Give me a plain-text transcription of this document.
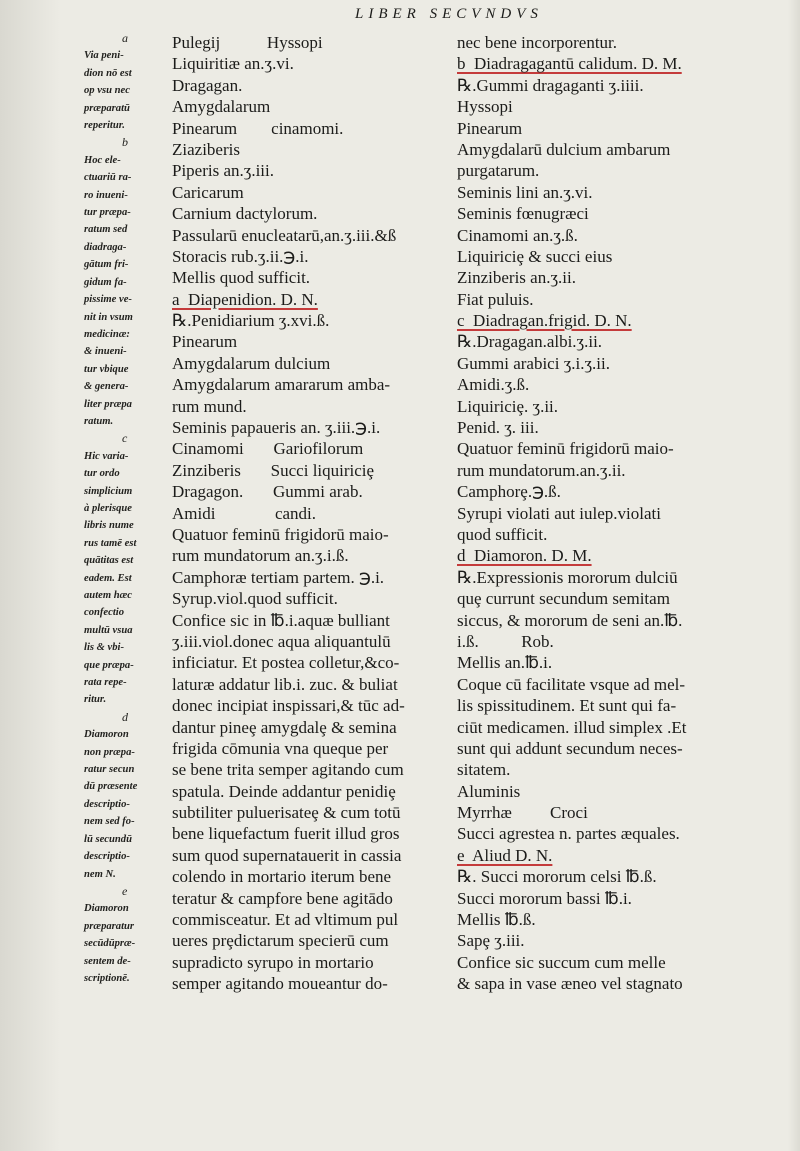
LIBER SECVNDVS
a
Via peni-
dion nō est
op vsu nec
præparatū
reperitur.
b
Hoc ele-
ctuariū ra-
ro inueni-
tur præpa-
ratum sed
diadraga-
gātum fri-
gidum fa-
pissime ve-
nit in vsum
medicinæ:
& inueni-
tur vbique
& genera-
liter præpa
ratum.
c
Hic varia-
tur ordo
simplicium
à plerisque
libris nume
rus tamē est
quātitas est
eadem. Est
autem hæc
confectio
multū vsua
lis & vbi-
que præpa-
rata repe-
ritur.
d
Diamoron
non præpa-
ratur secun
dū præsente
descriptio-
nem sed fo-
lū secundū
descriptio-
nem N.
e
Diamoron
præparatur
secūdūpræ-
sentem de-
scriptionē.
Pulegij           Hyssopi
Liquiritiæ an.ʒ.vi.
Dragagan.
Amygdalarum
Pinearum        cinamomi.
Ziaziberis
Piperis an.ʒ.iii.
Caricarum
Carnium dactylorum.
Passularū enucleatarū,an.ʒ.iii.&ß
Storacis rub.ʒ.ii.℈.i.
Mellis quod sufficit.
a  Diapenidion. D. N.
℞.Penidiarium ʒ.xvi.ß.
Pinearum
Amygdalarum dulcium
Amygdalarum amararum amba-
rum mund.
Seminis papaueris an. ʒ.iii.℈.i.
Cinamomi       Gariofilorum
Zinziberis       Succi liquiriciȩ
Dragagon.       Gummi arab.
Amidi              candi.
Quatuor feminū frigidorū maio-
rum mundatorum an.ʒ.i.ß.
Camphoræ tertiam partem. ℈.i.
Syrup.viol.quod sufficit.
Confice sic in ℔.i.aquæ bulliant
ʒ.iii.viol.donec aqua aliquantulū
inficiatur. Et postea colletur,&co-
laturæ addatur lib.i. zuc. & buliat
donec incipiat inspissari,& tūc ad-
dantur pineȩ amygdalȩ & semina
frigida cōmunia vna queque per
se bene trita semper agitando cum
spatula. Deinde addantur penidiȩ
subtiliter puluerisateȩ & cum totū
bene liquefactum fuerit illud gros
sum quod supernatauerit in cassia
colendo in mortario iterum bene
teratur & campfore bene agitādo
commisceatur. Et ad vltimum pul
ueres prȩdictarum specierū cum
supradicto syrupo in mortario
semper agitando moueantur do-
nec bene incorporentur.
b  Diadragagantū calidum. D. M.
℞.Gummi dragaganti ʒ.iiii.
Hyssopi
Pinearum
Amygdalarū dulcium ambarum
purgatarum.
Seminis lini an.ʒ.vi.
Seminis fœnugræci
Cinamomi an.ʒ.ß.
Liquiriciȩ & succi eius
Zinziberis an.ʒ.ii.
Fiat puluis.
c  Diadragan.frigid. D. N.
℞.Dragagan.albi.ʒ.ii.
Gummi arabici ʒ.i.ʒ.ii.
Amidi.ʒ.ß.
Liquiriciȩ. ʒ.ii.
Penid. ʒ. iii.
Quatuor feminū frigidorū maio-
rum mundatorum.an.ʒ.ii.
Camphorȩ.℈.ß.
Syrupi violati aut iulep.violati
quod sufficit.
d  Diamoron. D. M.
℞.Expressionis mororum dulciū
quȩ currunt secundum semitam
siccus, & mororum de seni an.℔.
i.ß.          Rob.
Mellis an.℔.i.
Coque cū facilitate vsque ad mel-
lis spissitudinem. Et sunt qui fa-
ciūt medicamen. illud simplex .Et
sunt qui addunt secundum neces-
sitatem.
Aluminis
Myrrhæ         Croci
Succi agrestea n. partes æquales.
e  Aliud D. N.
℞. Succi mororum celsi ℔.ß.
Succi mororum bassi ℔.i.
Mellis ℔.ß.
Sapȩ ʒ.iii.
Confice sic succum cum melle
& sapa in vase æneo vel stagnato
